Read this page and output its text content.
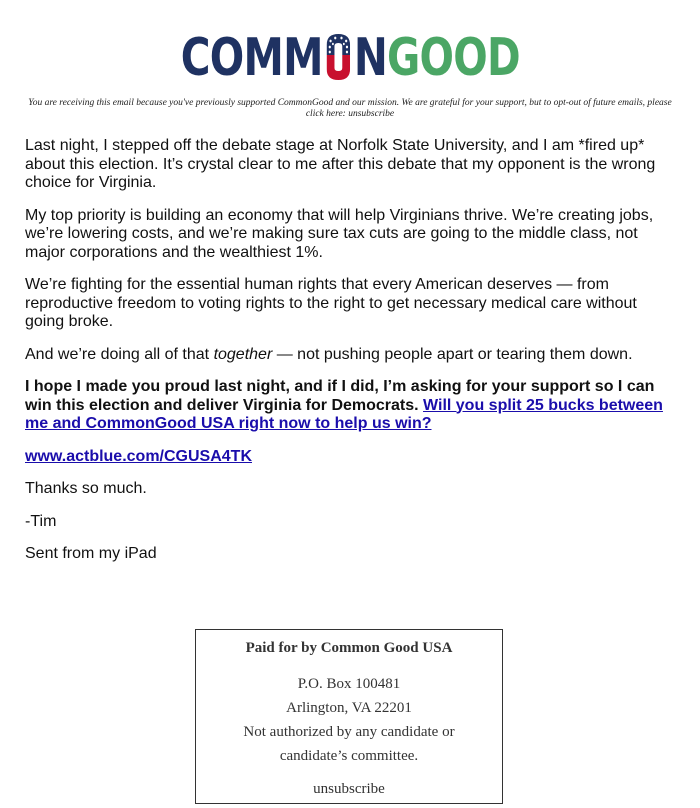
COMM NGOOD
You are receiving this email because you've previously supported CommonGood and our mission. We are grateful for your support, but to opt-out of future emails, please click here: unsubscribe

Last night, I stepped off the debate stage at Norfolk State University, and I am *fired up* about this election. It’s crystal clear to me after this debate that my opponent is the wrong choice for Virginia.

My top priority is building an economy that will help Virginians thrive. We’re creating jobs, we’re lowering costs, and we’re making sure tax cuts are going to the middle class, not major corporations and the wealthiest 1%.

We’re fighting for the essential human rights that every American deserves — from reproductive freedom to voting rights to the right to get necessary medical care without going broke.

And we’re doing all of that together — not pushing people apart or tearing them down.

I hope I made you proud last night, and if I did, I’m asking for your support so I can win this election and deliver Virginia for Democrats. Will you split 25 bucks between me and CommonGood USA right now to help us win?

www.actblue.com/CGUSA4TK

Thanks so much.

-Tim

Sent from my iPad

Paid for by Common Good USA
P.O. Box 100481
Arlington, VA 22201
Not authorized by any candidate or
candidate’s committee.
unsubscribe
